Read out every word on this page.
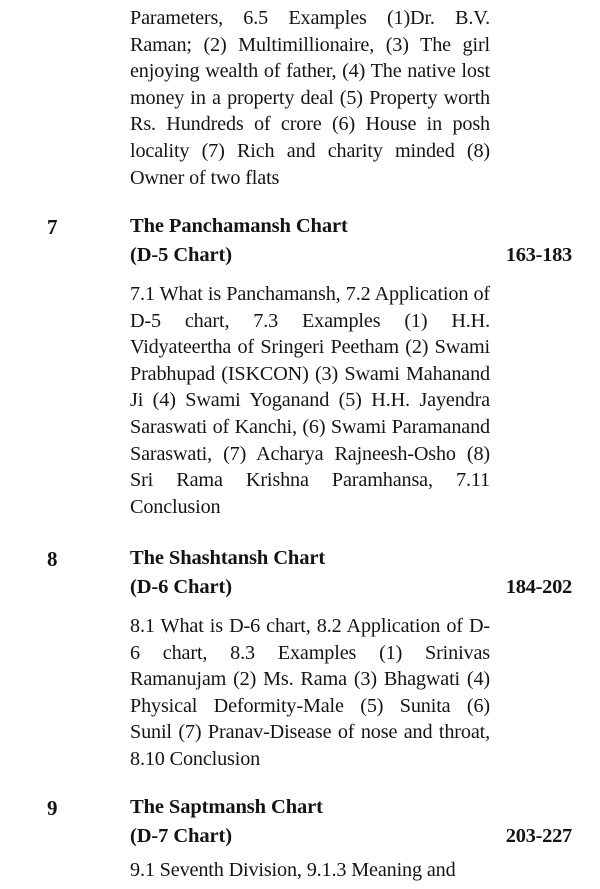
Parameters, 6.5 Examples (1)Dr. B.V. Raman; (2) Multimillionaire, (3) The girl enjoying wealth of father, (4) The native lost money in a property deal (5) Property worth Rs. Hundreds of crore (6) House in posh locality (7) Rich and charity minded (8) Owner of two flats
7	The Panchamansh Chart
(D-5 Chart)	163-183
7.1 What is Panchamansh, 7.2 Application of D-5 chart, 7.3 Examples (1) H.H. Vidyateertha of Sringeri Peetham (2) Swami Prabhupad (ISKCON) (3) Swami Mahanand Ji (4) Swami Yoganand (5) H.H. Jayendra Saraswati of Kanchi, (6) Swami Paramanand Saraswati, (7) Acharya Rajneesh-Osho (8) Sri Rama Krishna Paramhansa, 7.11 Conclusion
8	The Shashtansh Chart
(D-6 Chart)	184-202
8.1 What is D-6 chart, 8.2 Application of D-6 chart, 8.3 Examples (1) Srinivas Ramanujam (2) Ms. Rama (3) Bhagwati (4) Physical Deformity-Male (5) Sunita (6) Sunil (7) Pranav-Disease of nose and throat, 8.10 Conclusion
9	The Saptmansh Chart
(D-7 Chart)	203-227
9.1 Seventh Division, 9.1.3 Meaning and
